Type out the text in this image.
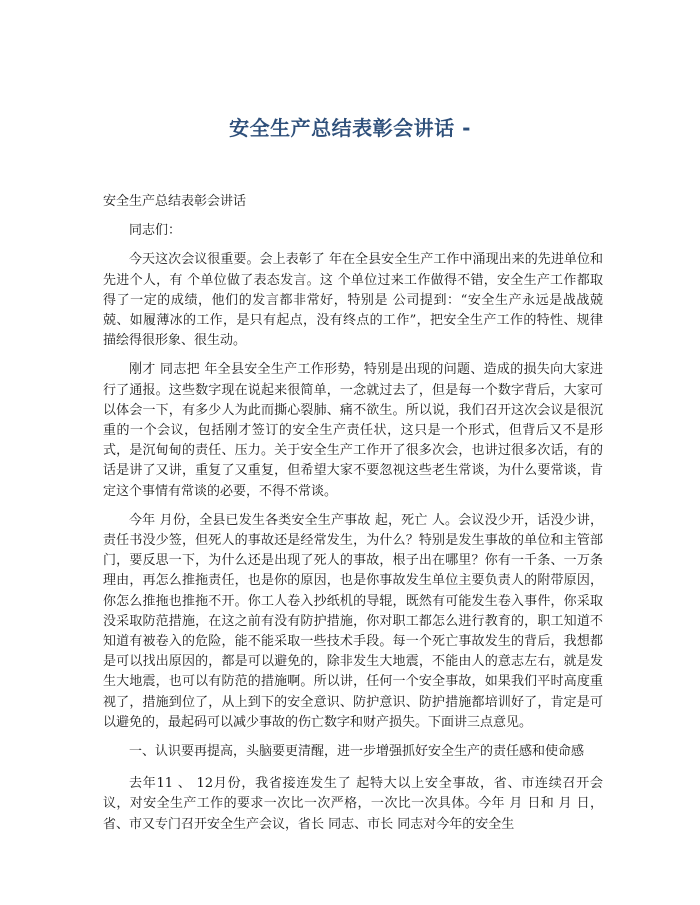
安全生产总结表彰会讲话 -

安全生产总结表彰会讲话

同志们：

今天这次会议很重要。会上表彰了 年在全县安全生产工作中涌现出来的先进单位和先进个人，有 个单位做了表态发言。这 个单位过来工作做得不错，安全生产工作都取得了一定的成绩，他们的发言都非常好，特别是 公司提到：“安全生产永远是战战兢兢、如履薄冰的工作，是只有起点，没有终点的工作”，把安全生产工作的特性、规律描绘得很形象、很生动。

刚才 同志把 年全县安全生产工作形势，特别是出现的问题、造成的损失向大家进行了通报。这些数字现在说起来很简单，一念就过去了，但是每一个数字背后，大家可以体会一下，有多少人为此而撕心裂肺、痛不欲生。所以说，我们召开这次会议是很沉重的一个会议，包括刚才签订的安全生产责任状，这只是一个形式，但背后又不是形式，是沉甸甸的责任、压力。关于安全生产工作开了很多次会，也讲过很多次话，有的话是讲了又讲，重复了又重复，但希望大家不要忽视这些老生常谈，为什么要常谈，肯定这个事情有常谈的必要，不得不常谈。

今年 月份，全县已发生各类安全生产事故 起，死亡 人。会议没少开，话没少讲，责任书没少签，但死人的事故还是经常发生，为什么？特别是发生事故的单位和主管部门，要反思一下，为什么还是出现了死人的事故，根子出在哪里？你有一千条、一万条理由，再怎么推拖责任，也是你的原因，也是你事故发生单位主要负责人的附带原因，你怎么推拖也推拖不开。你工人卷入抄纸机的导辊，既然有可能发生卷入事件，你采取没采取防范措施，在这之前有没有防护措施，你对职工都怎么进行教育的，职工知道不知道有被卷入的危险，能不能采取一些技术手段。每一个死亡事故发生的背后，我想都是可以找出原因的，都是可以避免的，除非发生大地震，不能由人的意志左右，就是发生大地震，也可以有防范的措施啊。所以讲，任何一个安全事故，如果我们平时高度重视了，措施到位了，从上到下的安全意识、防护意识、防护措施都培训好了，肯定是可以避免的，最起码可以减少事故的伤亡数字和财产损失。下面讲三点意见。

一、认识要再提高，头脑要更清醒，进一步增强抓好安全生产的责任感和使命感

去年11 、 12月份，我省接连发生了 起特大以上安全事故，省、市连续召开会议，对安全生产工作的要求一次比一次严格，一次比一次具体。今年 月 日和 月 日，省、市又专门召开安全生产会议，省长 同志、市长 同志对今年的安全生
